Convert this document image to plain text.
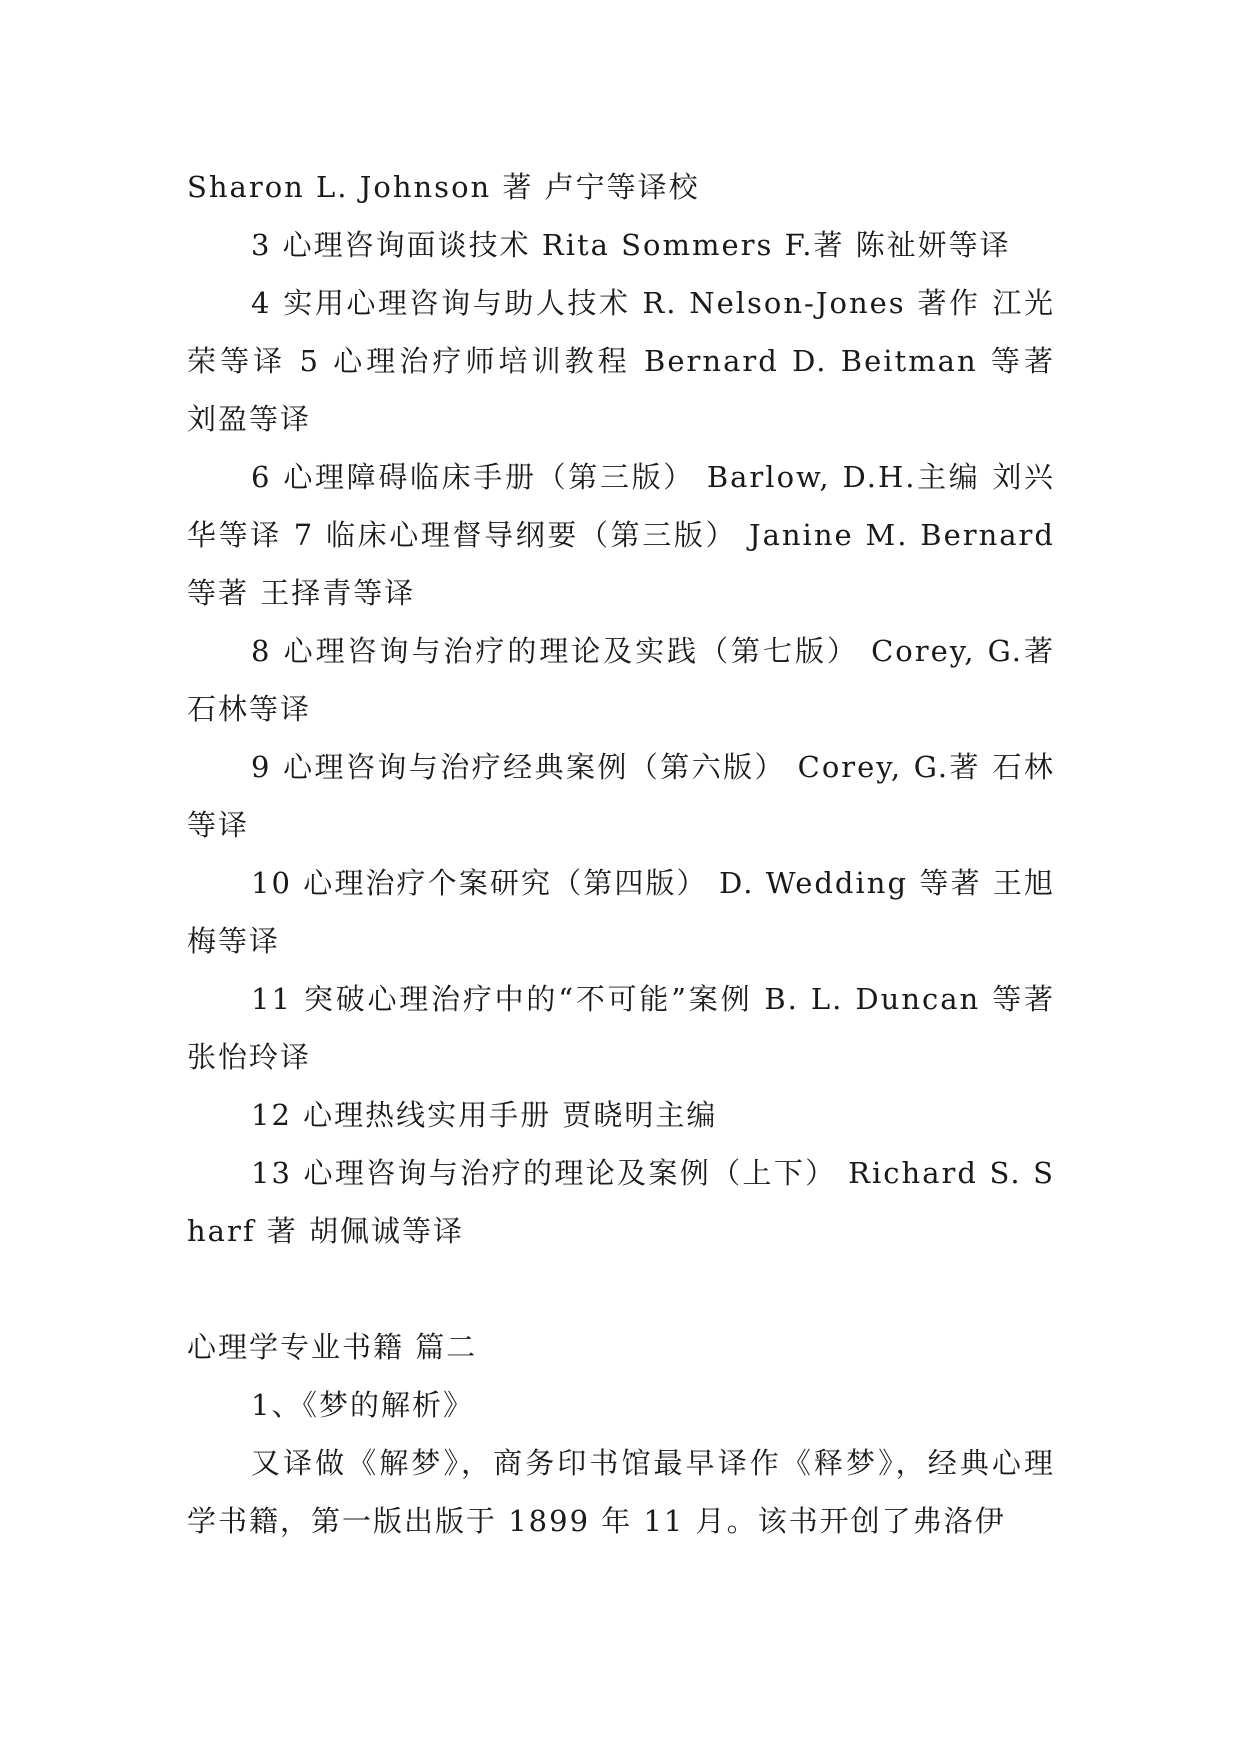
Sharon L. Johnson 著 卢宁等译校

3 心理咨询面谈技术 Rita Sommers F.著 陈祉妍等译

4 实用心理咨询与助人技术 R. Nelson-Jones 著作 江光荣等译 5 心理治疗师培训教程 Bernard D. Beitman 等著 刘盈等译

6 心理障碍临床手册（第三版） Barlow, D.H.主编 刘兴华等译 7 临床心理督导纲要（第三版） Janine M. Bernard 等著 王择青等译

8 心理咨询与治疗的理论及实践（第七版） Corey, G.著 石林等译

9 心理咨询与治疗经典案例（第六版） Corey, G.著 石林等译

10 心理治疗个案研究（第四版） D. Wedding 等著 王旭梅等译

11 突破心理治疗中的“不可能”案例 B. L. Duncan 等著 张怡玲译

12 心理热线实用手册 贾晓明主编

13 心理咨询与治疗的理论及案例（上下） Richard S. Sharf 著 胡佩诚等译

心理学专业书籍 篇二

1、《梦的解析》

又译做《解梦》，商务印书馆最早译作《释梦》，经典心理学书籍，第一版出版于 1899 年 11 月。该书开创了弗洛伊
